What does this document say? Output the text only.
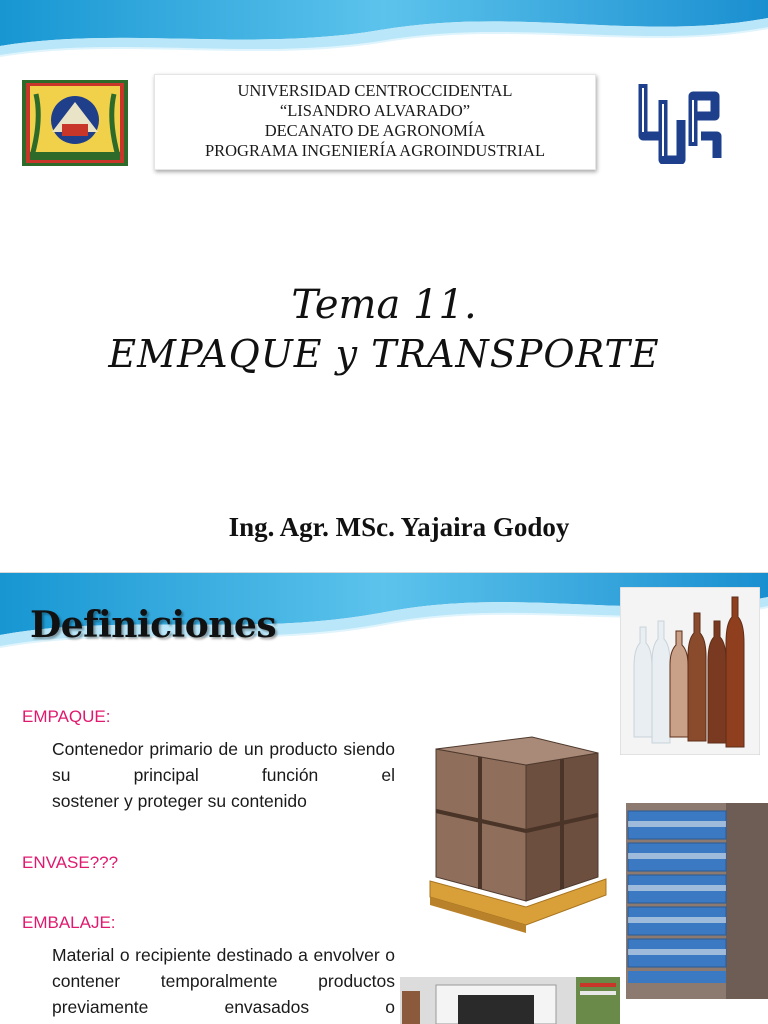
UNIVERSIDAD CENTROCCIDENTAL
“LISANDRO ALVARADO”
DECANATO DE AGRONOMÍA
PROGRAMA INGENIERÍA AGROINDUSTRIAL
Tema 11.
EMPAQUE y TRANSPORTE
Ing. Agr. MSc. Yajaira Godoy
Definiciones
EMPAQUE:
Contenedor primario de un producto siendo su principal función el
sostener y proteger su contenido
ENVASE???
EMBALAJE:
Material o recipiente destinado a envolver o contener temporalmente productos previamente envasados o
